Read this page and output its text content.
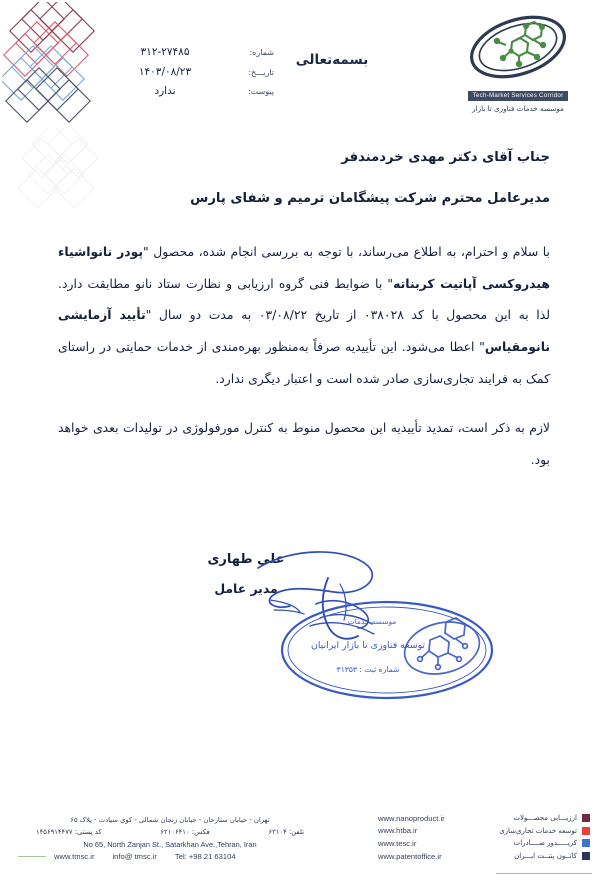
Tech-Market Services Corridor
موسسه خدمات فناوری تا بازار
بسمه‌تعالی
شماره:
۳۱۲-۲۷۴۸۵
تاریـــخ:
۱۴۰۳/۰۸/۲۳
پیوست:
ندارد
جناب آقای دکتر مهدی خردمندفر
مدیرعامل محترم شرکت پیشگامان ترمیم و شفای پارس

با سلام و احترام، به اطلاع می‌رساند، با توجه به بررسی انجام شده، محصول "پودر نانواشیاء هیدروکسی آپاتیت کربناته" با ضوابط فنی گروه ارزیابی و نظارت ستاد نانو مطابقت دارد. لذا به این محصول با کد ۰۳۸۰۲۸ از تاریخ ۰۳/۰۸/۲۲ به مدت دو سال "تأیید آزمایشی نانومقیاس" اعطا می‌شود. این تأییدیه صرفاً به‌منظور بهره‌مندی از خدمات حمایتی در راستای کمک به فرایند تجاری‌سازی صادر شده است و اعتبار دیگری ندارد.

لازم به ذکر است، تمدید تأییدیه این محصول منوط به کنترل مورفولوژی در تولیدات بعدی خواهد بود.

علی طهاری
مدیر عامل
موسسه خدمات
توسعه فناوری تا بازار ایرانیان
شماره ثبت : ۳۱۳۵۳
تهران - خیابان ستارخان - خیابان زنجان شمالی - کوی سیادت - پلاک ۶۵
تلفن: ۶۳۱۰۴
فکس: ۶۲۱۰۶۴۱۰
کد پستی: ۱۴۵۶۹۱۴۴۷۷
No 65, North Zanjan St., Satarkhan Ave.,Tehran, Iran
www.tmsc.ir info@ tmsc.ir Tel: +98 21 63104
ارزیـــابی محصـــولات
www.nanoproduct.ir
توسعه خدمات تجاری‌سازی
www.htba.ir
کریـــــدور صــــادرات
www.tesc.ir
کانــون پتنــت ایـــران
www.patentoffice.ir
